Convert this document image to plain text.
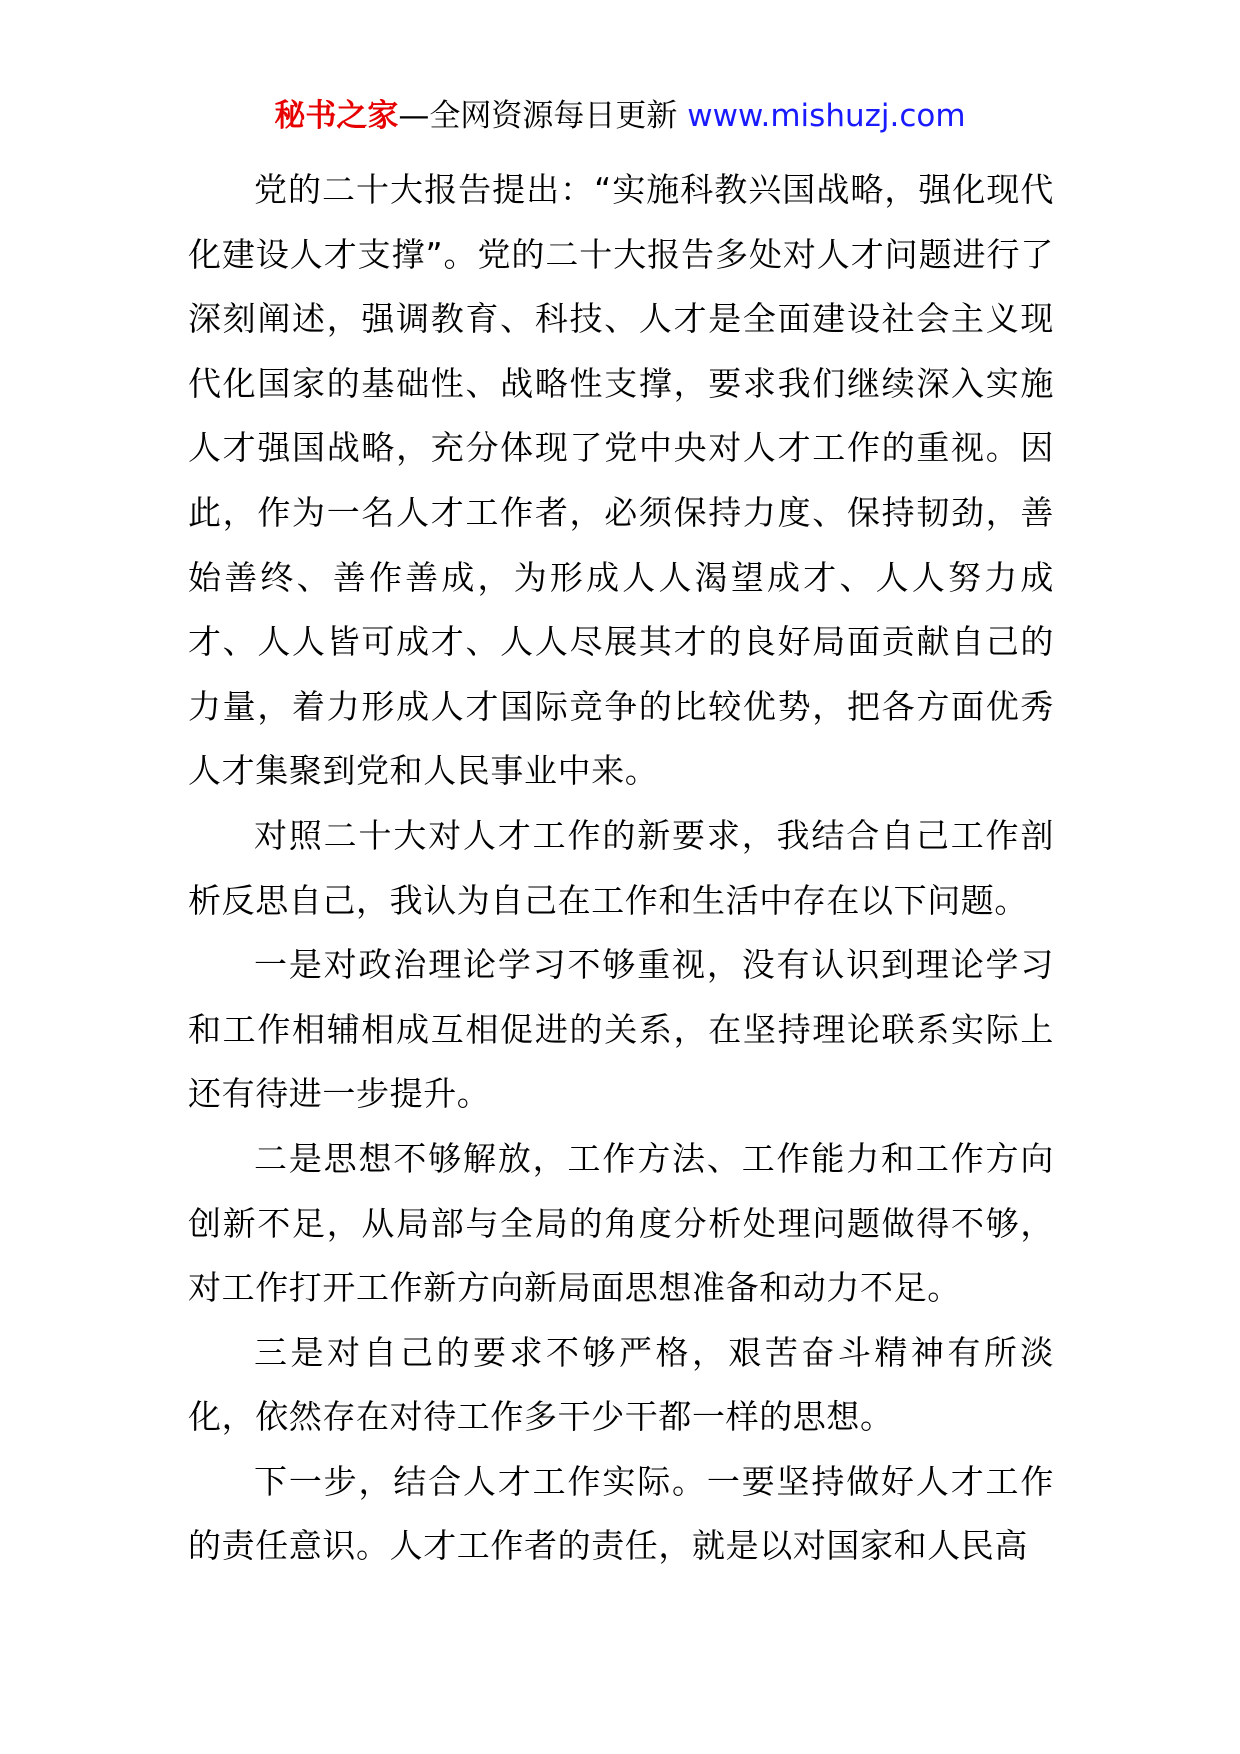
秘书之家—全网资源每日更新 www.mishuzj.com

党的二十大报告提出：“实施科教兴国战略，强化现代化建设人才支撑”。党的二十大报告多处对人才问题进行了深刻阐述，强调教育、科技、人才是全面建设社会主义现代化国家的基础性、战略性支撑，要求我们继续深入实施人才强国战略，充分体现了党中央对人才工作的重视。因此，作为一名人才工作者，必须保持力度、保持韧劲，善始善终、善作善成，为形成人人渴望成才、人人努力成才、人人皆可成才、人人尽展其才的良好局面贡献自己的力量，着力形成人才国际竞争的比较优势，把各方面优秀人才集聚到党和人民事业中来。

对照二十大对人才工作的新要求，我结合自己工作剖析反思自己，我认为自己在工作和生活中存在以下问题。

一是对政治理论学习不够重视，没有认识到理论学习和工作相辅相成互相促进的关系，在坚持理论联系实际上还有待进一步提升。

二是思想不够解放，工作方法、工作能力和工作方向创新不足，从局部与全局的角度分析处理问题做得不够，对工作打开工作新方向新局面思想准备和动力不足。

三是对自己的要求不够严格，艰苦奋斗精神有所淡化，依然存在对待工作多干少干都一样的思想。

下一步，结合人才工作实际。一要坚持做好人才工作的责任意识。人才工作者的责任，就是以对国家和人民高
